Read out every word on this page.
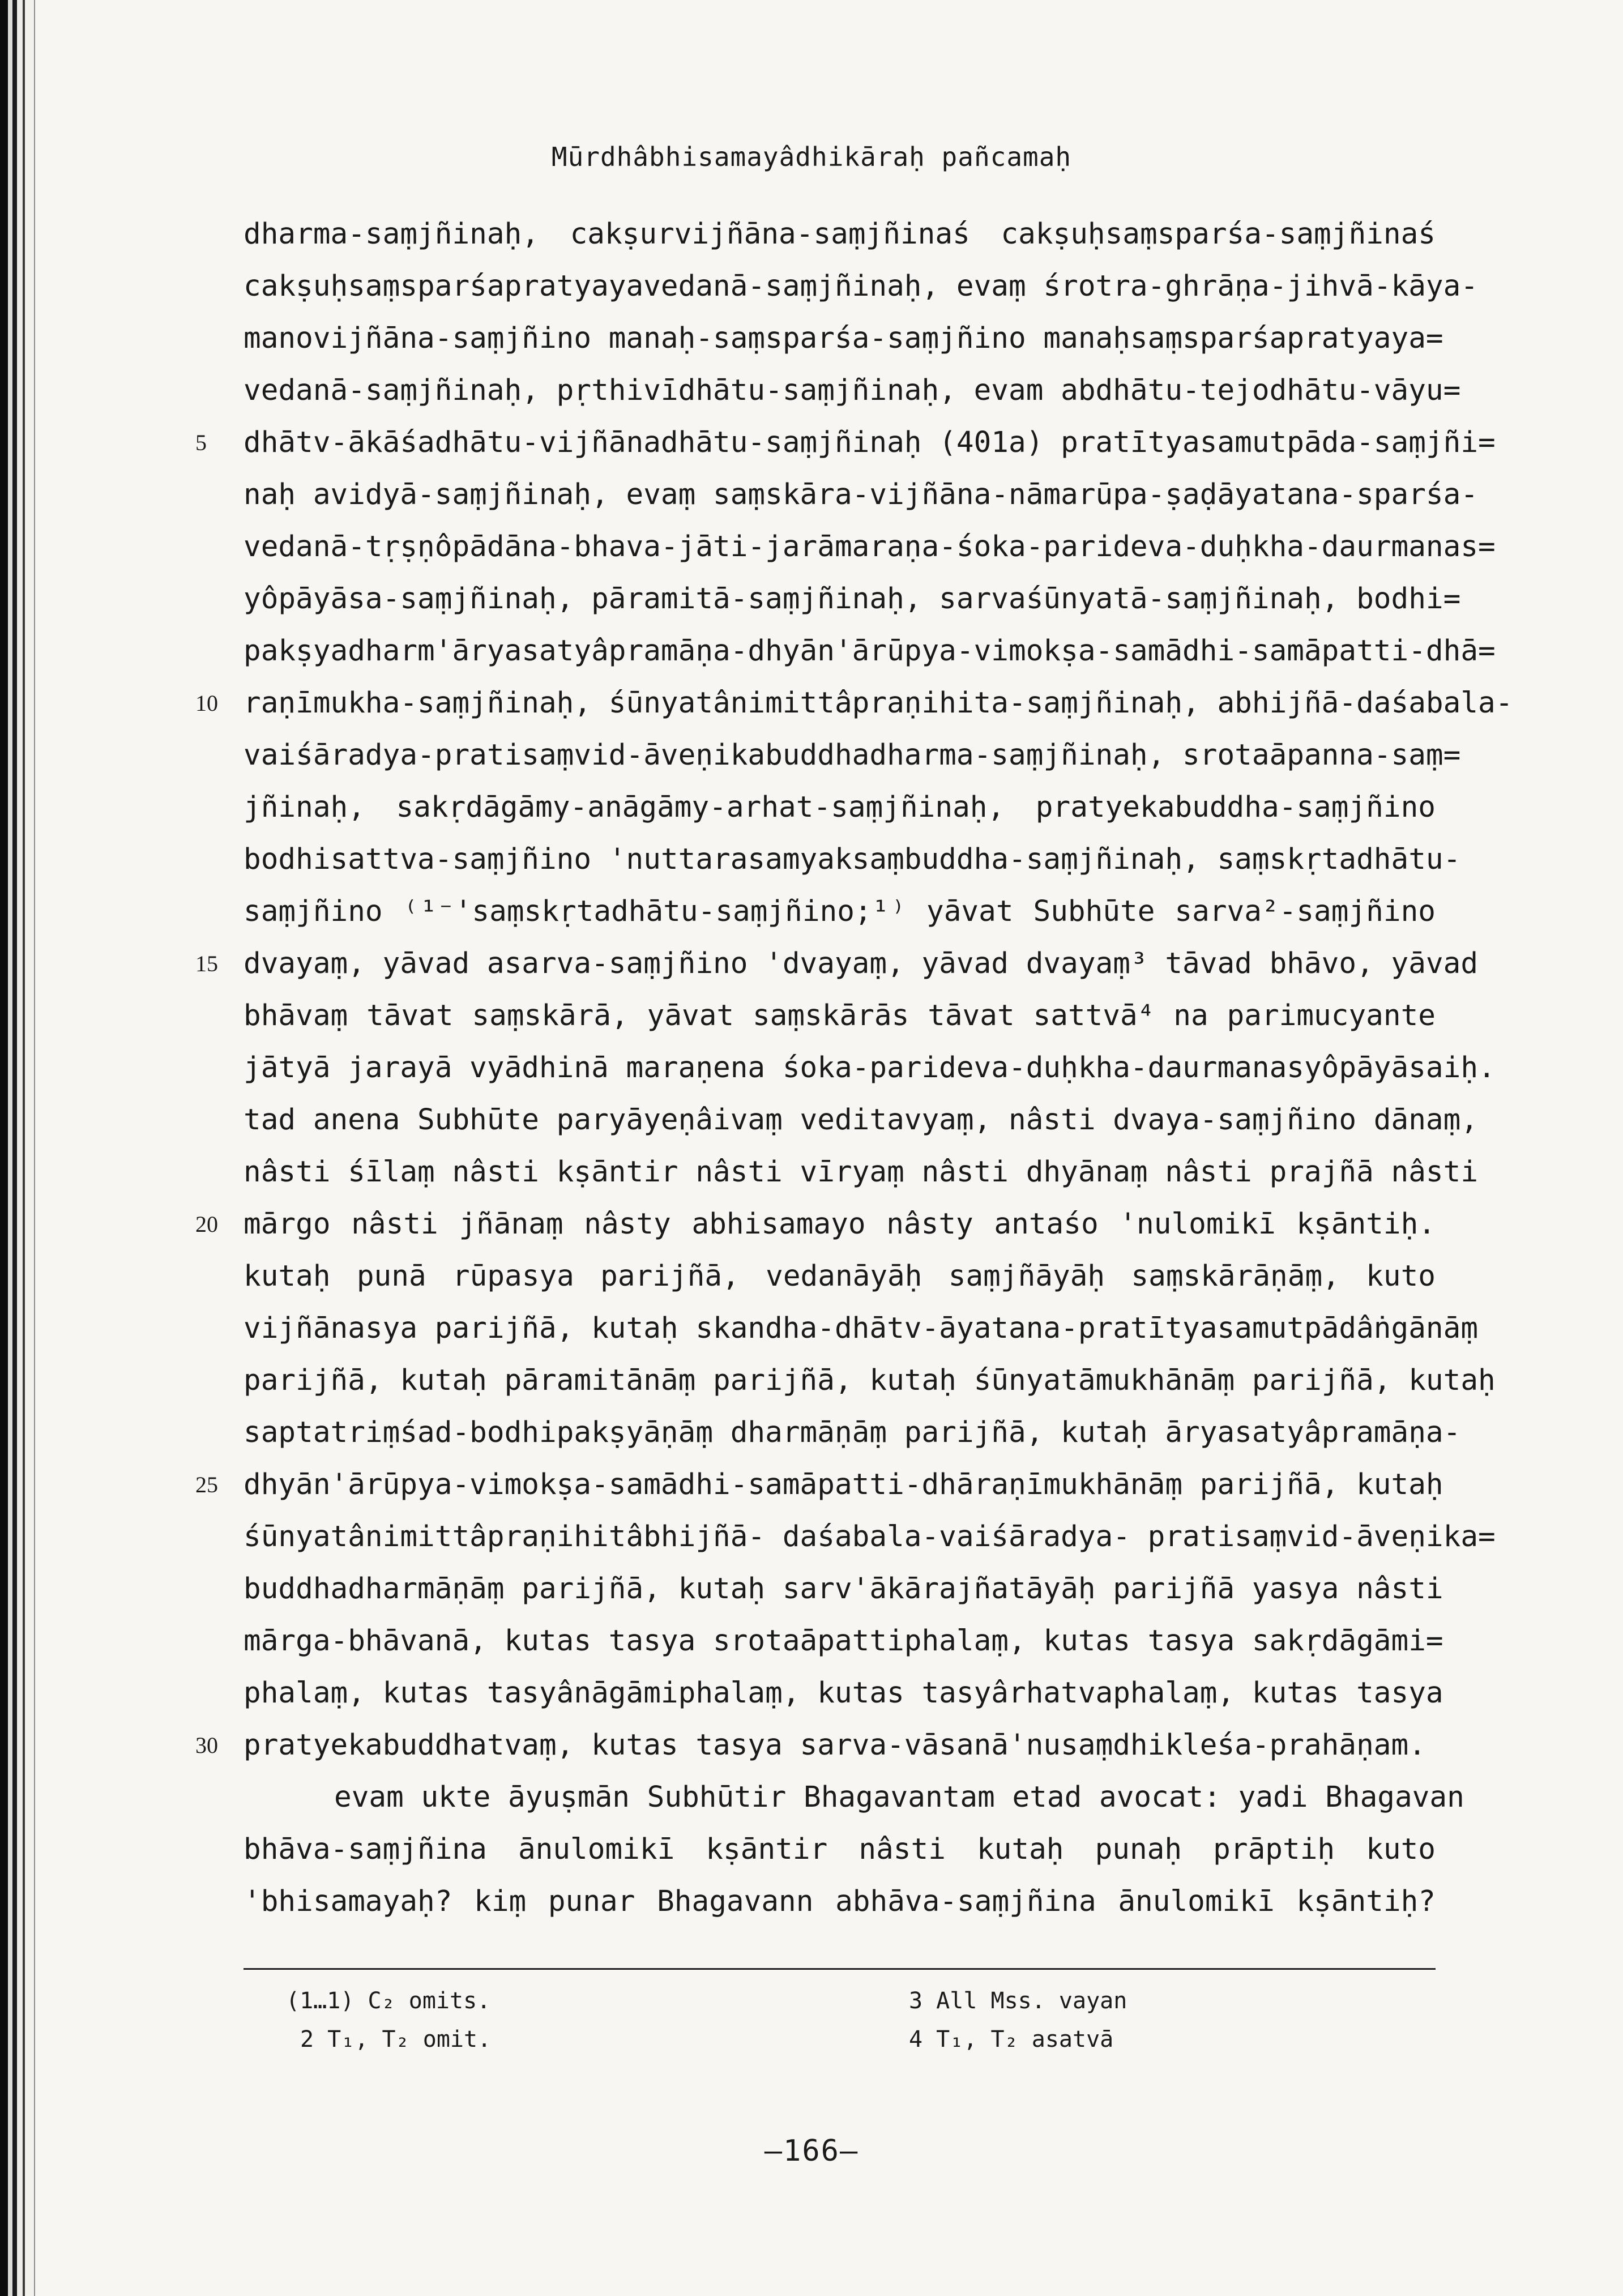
Mūrdhâbhisamayâdhikāraḥ pañcamaḥ
dharma-saṃjñinaḥ, cakṣurvijñāna-saṃjñinaś cakṣuḥsaṃsparśa-saṃjñinaś
cakṣuḥsaṃsparśapratyayavedanā-saṃjñinaḥ, evaṃ śrotra-ghrāṇa-jihvā-kāya-
manovijñāna-saṃjñino manaḥ-saṃsparśa-saṃjñino manaḥsaṃsparśapratyaya=
vedanā-saṃjñinaḥ, pṛthivīdhātu-saṃjñinaḥ, evam abdhātu-tejodhātu-vāyu=
dhātv-ākāśadhātu-vijñānadhātu-saṃjñinaḥ (401a) pratītyasamutpāda-saṃjñi=
naḥ avidyā-saṃjñinaḥ, evaṃ saṃskāra-vijñāna-nāmarūpa-ṣaḍāyatana-sparśa-
vedanā-tṛṣṇôpādāna-bhava-jāti-jarāmaraṇa-śoka-parideva-duḥkha-daurmanas=
yôpāyāsa-saṃjñinaḥ, pāramitā-saṃjñinaḥ, sarvaśūnyatā-saṃjñinaḥ, bodhi=
pakṣyadharm'āryasatyâpramāṇa-dhyān'ārūpya-vimokṣa-samādhi-samāpatti-dhā=
raṇīmukha-saṃjñinaḥ, śūnyatânimittâpraṇihita-saṃjñinaḥ, abhijñā-daśabala-
vaiśāradya-pratisaṃvid-āveṇikabuddhadharma-saṃjñinaḥ, srotaāpanna-saṃ=
jñinaḥ, sakṛdāgāmy-anāgāmy-arhat-saṃjñinaḥ, pratyekabuddha-saṃjñino
bodhisattva-saṃjñino 'nuttarasamyaksaṃbuddha-saṃjñinaḥ, saṃskṛtadhātu-
saṃjñino ⁽¹⁻'saṃskṛtadhātu-saṃjñino;¹⁾ yāvat Subhūte sarva²-saṃjñino
dvayaṃ, yāvad asarva-saṃjñino 'dvayaṃ, yāvad dvayaṃ³ tāvad bhāvo, yāvad
bhāvaṃ tāvat saṃskārā, yāvat saṃskārās tāvat sattvā⁴ na parimucyante
jātyā jarayā vyādhinā maraṇena śoka-parideva-duḥkha-daurmanasyôpāyāsaiḥ.
tad anena Subhūte paryāyeṇâivaṃ veditavyaṃ, nâsti dvaya-saṃjñino dānaṃ,
nâsti śīlaṃ nâsti kṣāntir nâsti vīryaṃ nâsti dhyānaṃ nâsti prajñā nâsti
mārgo nâsti jñānaṃ nâsty abhisamayo nâsty antaśo 'nulomikī kṣāntiḥ.
kutaḥ punā rūpasya parijñā, vedanāyāḥ saṃjñāyāḥ saṃskārāṇāṃ, kuto
vijñānasya parijñā, kutaḥ skandha-dhātv-āyatana-pratītyasamutpādâṅgānāṃ
parijñā, kutaḥ pāramitānāṃ parijñā, kutaḥ śūnyatāmukhānāṃ parijñā, kutaḥ
saptatriṃśad-bodhipakṣyāṇāṃ dharmāṇāṃ parijñā, kutaḥ āryasatyâpramāṇa-
dhyān'ārūpya-vimokṣa-samādhi-samāpatti-dhāraṇīmukhānāṃ parijñā, kutaḥ
śūnyatânimittâpraṇihitâbhijñā- daśabala-vaiśāradya- pratisaṃvid-āveṇika=
buddhadharmāṇāṃ parijñā, kutaḥ sarv'ākārajñatāyāḥ parijñā yasya nâsti
mārga-bhāvanā, kutas tasya srotaāpattiphalaṃ, kutas tasya sakṛdāgāmi=
phalaṃ, kutas tasyânāgāmiphalaṃ, kutas tasyârhatvaphalaṃ, kutas tasya
pratyekabuddhatvaṃ, kutas tasya sarva-vāsanā'nusaṃdhikleśa-prahāṇam.
evam ukte āyuṣmān Subhūtir Bhagavantam etad avocat: yadi Bhagavan
bhāva-saṃjñina ānulomikī kṣāntir nâsti kutaḥ punaḥ prāptiḥ kuto
'bhisamayaḥ? kiṃ punar Bhagavann abhāva-saṃjñina ānulomikī kṣāntiḥ?
5
10
15
20
25
30
(1…1) C₂ omits.
2 T₁, T₂ omit.
3 All Mss. vayan
4 T₁, T₂ asatvā
—166—
